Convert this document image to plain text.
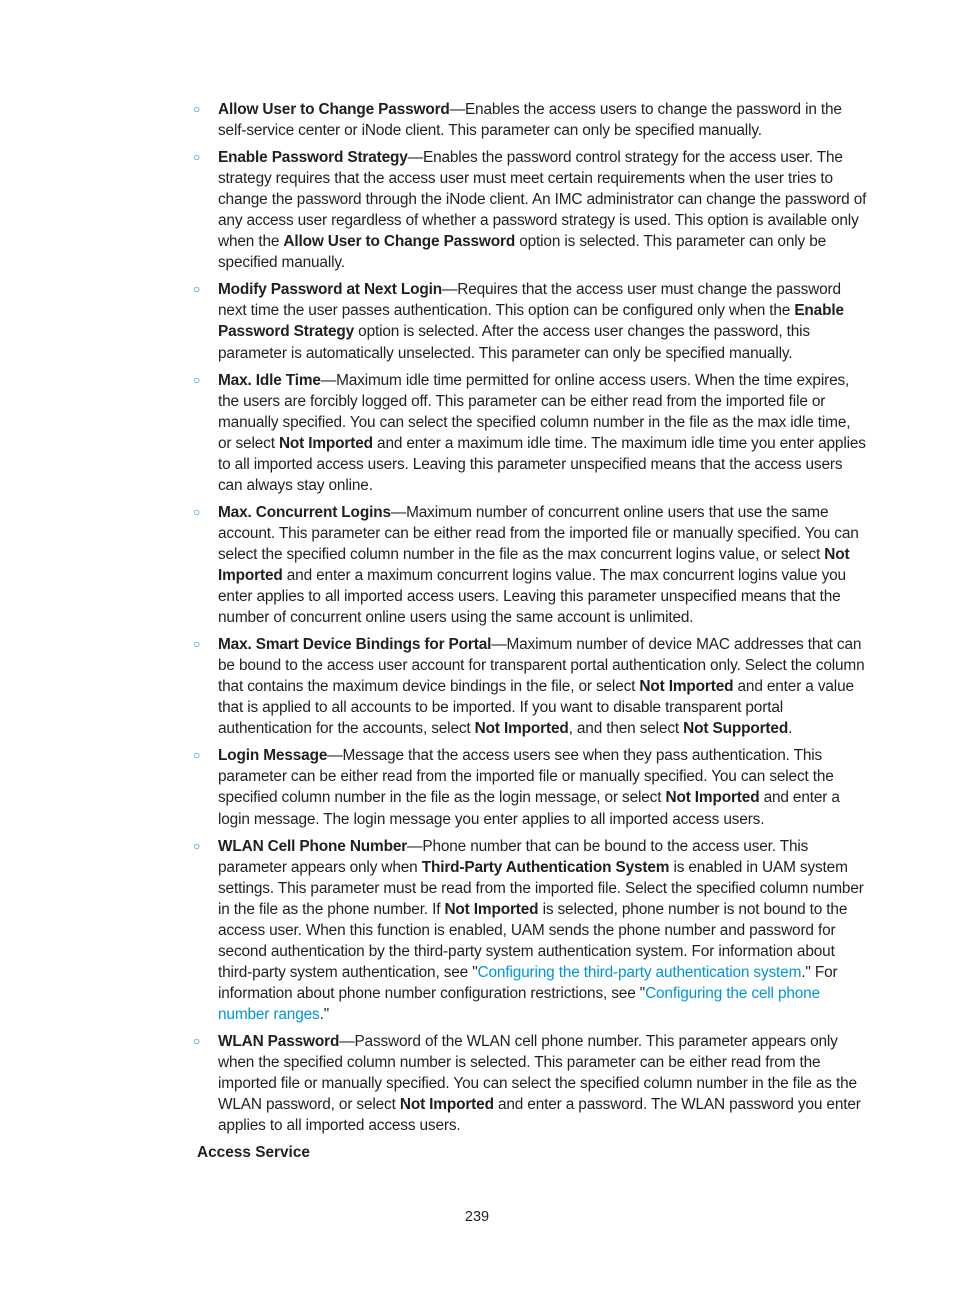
○ Allow User to Change Password—Enables the access users to change the password in the self-service center or iNode client. This parameter can only be specified manually.
○ Enable Password Strategy—Enables the password control strategy for the access user. The strategy requires that the access user must meet certain requirements when the user tries to change the password through the iNode client. An IMC administrator can change the password of any access user regardless of whether a password strategy is used. This option is available only when the Allow User to Change Password option is selected. This parameter can only be specified manually.
○ Modify Password at Next Login—Requires that the access user must change the password next time the user passes authentication. This option can be configured only when the Enable Password Strategy option is selected. After the access user changes the password, this parameter is automatically unselected. This parameter can only be specified manually.
○ Max. Idle Time—Maximum idle time permitted for online access users. When the time expires, the users are forcibly logged off. This parameter can be either read from the imported file or manually specified. You can select the specified column number in the file as the max idle time, or select Not Imported and enter a maximum idle time. The maximum idle time you enter applies to all imported access users. Leaving this parameter unspecified means that the access users can always stay online.
○ Max. Concurrent Logins—Maximum number of concurrent online users that use the same account. This parameter can be either read from the imported file or manually specified. You can select the specified column number in the file as the max concurrent logins value, or select Not Imported and enter a maximum concurrent logins value. The max concurrent logins value you enter applies to all imported access users. Leaving this parameter unspecified means that the number of concurrent online users using the same account is unlimited.
○ Max. Smart Device Bindings for Portal—Maximum number of device MAC addresses that can be bound to the access user account for transparent portal authentication only. Select the column that contains the maximum device bindings in the file, or select Not Imported and enter a value that is applied to all accounts to be imported. If you want to disable transparent portal authentication for the accounts, select Not Imported, and then select Not Supported.
○ Login Message—Message that the access users see when they pass authentication. This parameter can be either read from the imported file or manually specified. You can select the specified column number in the file as the login message, or select Not Imported and enter a login message. The login message you enter applies to all imported access users.
○ WLAN Cell Phone Number—Phone number that can be bound to the access user. This parameter appears only when Third-Party Authentication System is enabled in UAM system settings. This parameter must be read from the imported file. Select the specified column number in the file as the phone number. If Not Imported is selected, phone number is not bound to the access user. When this function is enabled, UAM sends the phone number and password for second authentication by the third-party system authentication system. For information about third-party system authentication, see "Configuring the third-party authentication system." For information about phone number configuration restrictions, see "Configuring the cell phone number ranges."
○ WLAN Password—Password of the WLAN cell phone number. This parameter appears only when the specified column number is selected. This parameter can be either read from the imported file or manually specified. You can select the specified column number in the file as the WLAN password, or select Not Imported and enter a password. The WLAN password you enter applies to all imported access users.
Access Service
239
